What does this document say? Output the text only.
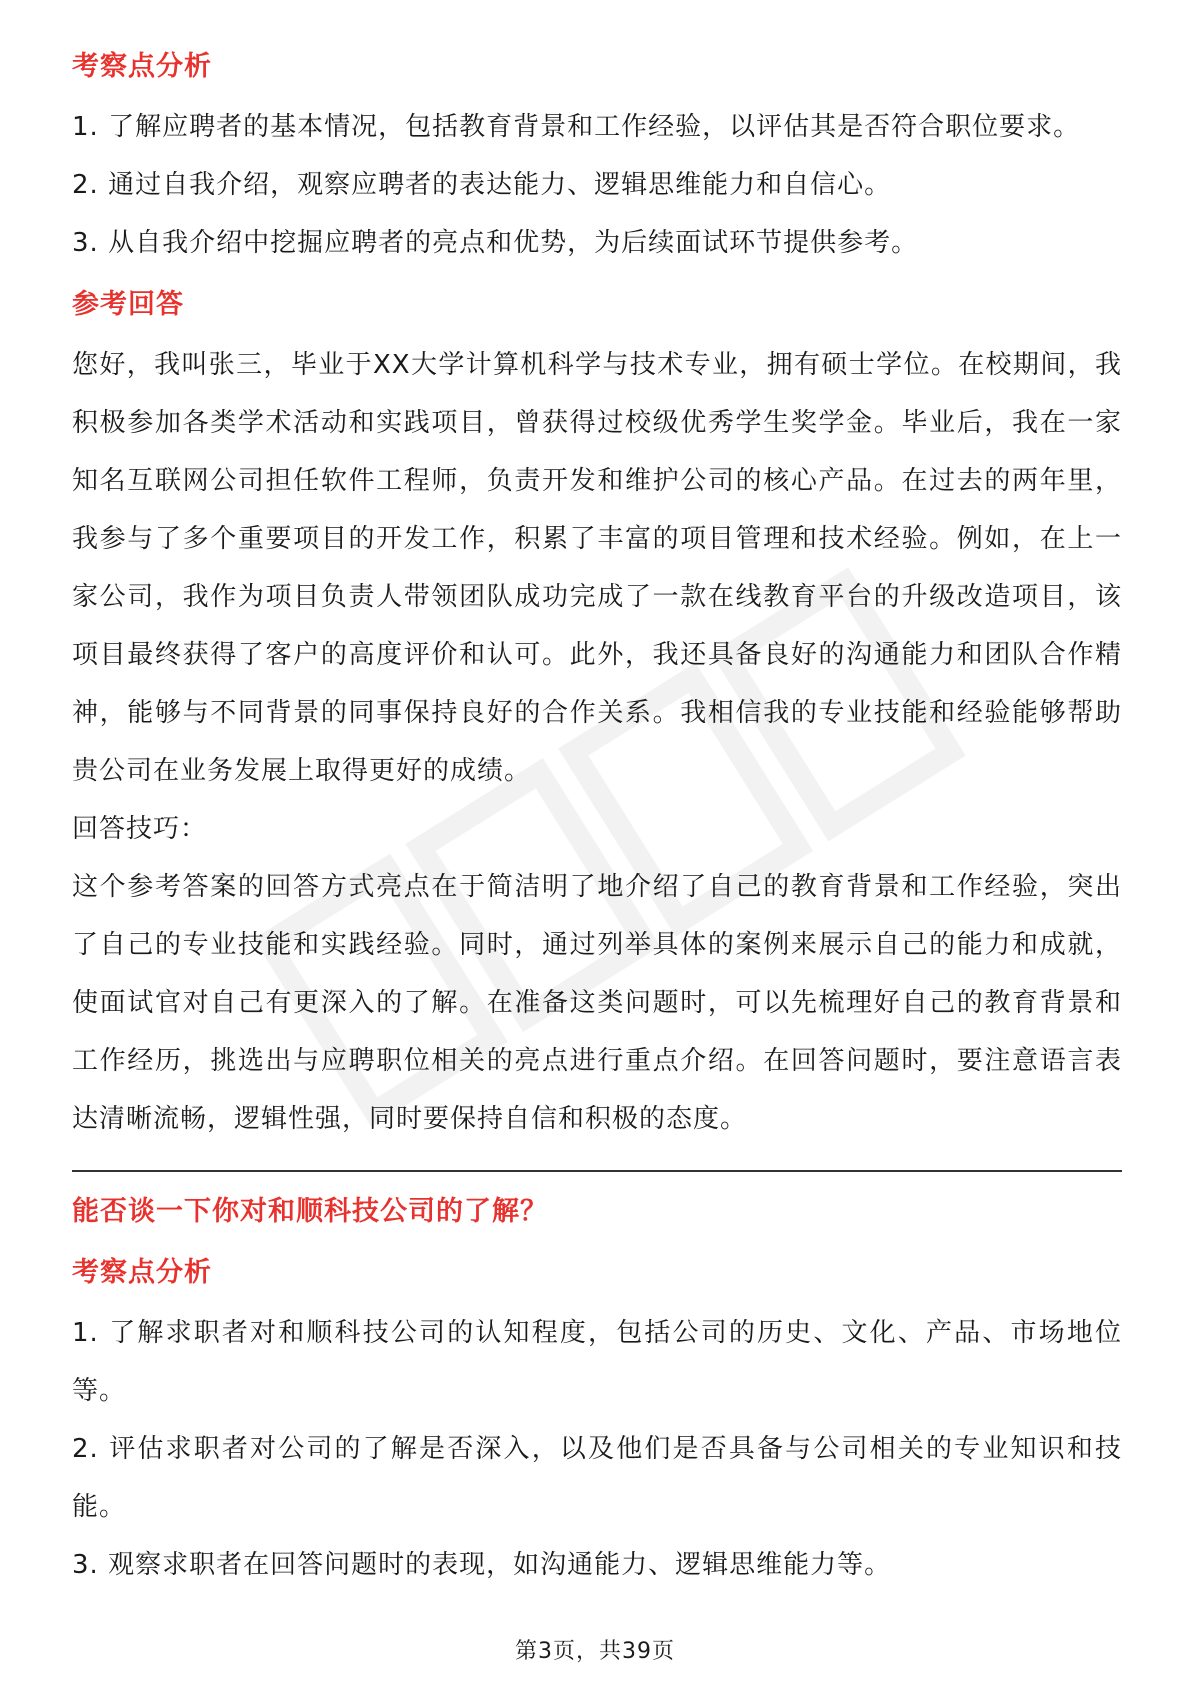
考察点分析

1. 了解应聘者的基本情况，包括教育背景和工作经验，以评估其是否符合职位要求。

2. 通过自我介绍，观察应聘者的表达能力、逻辑思维能力和自信心。

3. 从自我介绍中挖掘应聘者的亮点和优势，为后续面试环节提供参考。

参考回答

您好，我叫张三，毕业于XX大学计算机科学与技术专业，拥有硕士学位。在校期间，我积极参加各类学术活动和实践项目，曾获得过校级优秀学生奖学金。毕业后，我在一家知名互联网公司担任软件工程师，负责开发和维护公司的核心产品。在过去的两年里，我参与了多个重要项目的开发工作，积累了丰富的项目管理和技术经验。例如，在上一家公司，我作为项目负责人带领团队成功完成了一款在线教育平台的升级改造项目，该项目最终获得了客户的高度评价和认可。此外，我还具备良好的沟通能力和团队合作精神，能够与不同背景的同事保持良好的合作关系。我相信我的专业技能和经验能够帮助贵公司在业务发展上取得更好的成绩。

回答技巧：

这个参考答案的回答方式亮点在于简洁明了地介绍了自己的教育背景和工作经验，突出了自己的专业技能和实践经验。同时，通过列举具体的案例来展示自己的能力和成就，使面试官对自己有更深入的了解。在准备这类问题时，可以先梳理好自己的教育背景和工作经历，挑选出与应聘职位相关的亮点进行重点介绍。在回答问题时，要注意语言表达清晰流畅，逻辑性强，同时要保持自信和积极的态度。

能否谈一下你对和顺科技公司的了解？
考察点分析

1. 了解求职者对和顺科技公司的认知程度，包括公司的历史、文化、产品、市场地位等。

2. 评估求职者对公司的了解是否深入，以及他们是否具备与公司相关的专业知识和技能。

3. 观察求职者在回答问题时的表现，如沟通能力、逻辑思维能力等。

第3页，共39页
